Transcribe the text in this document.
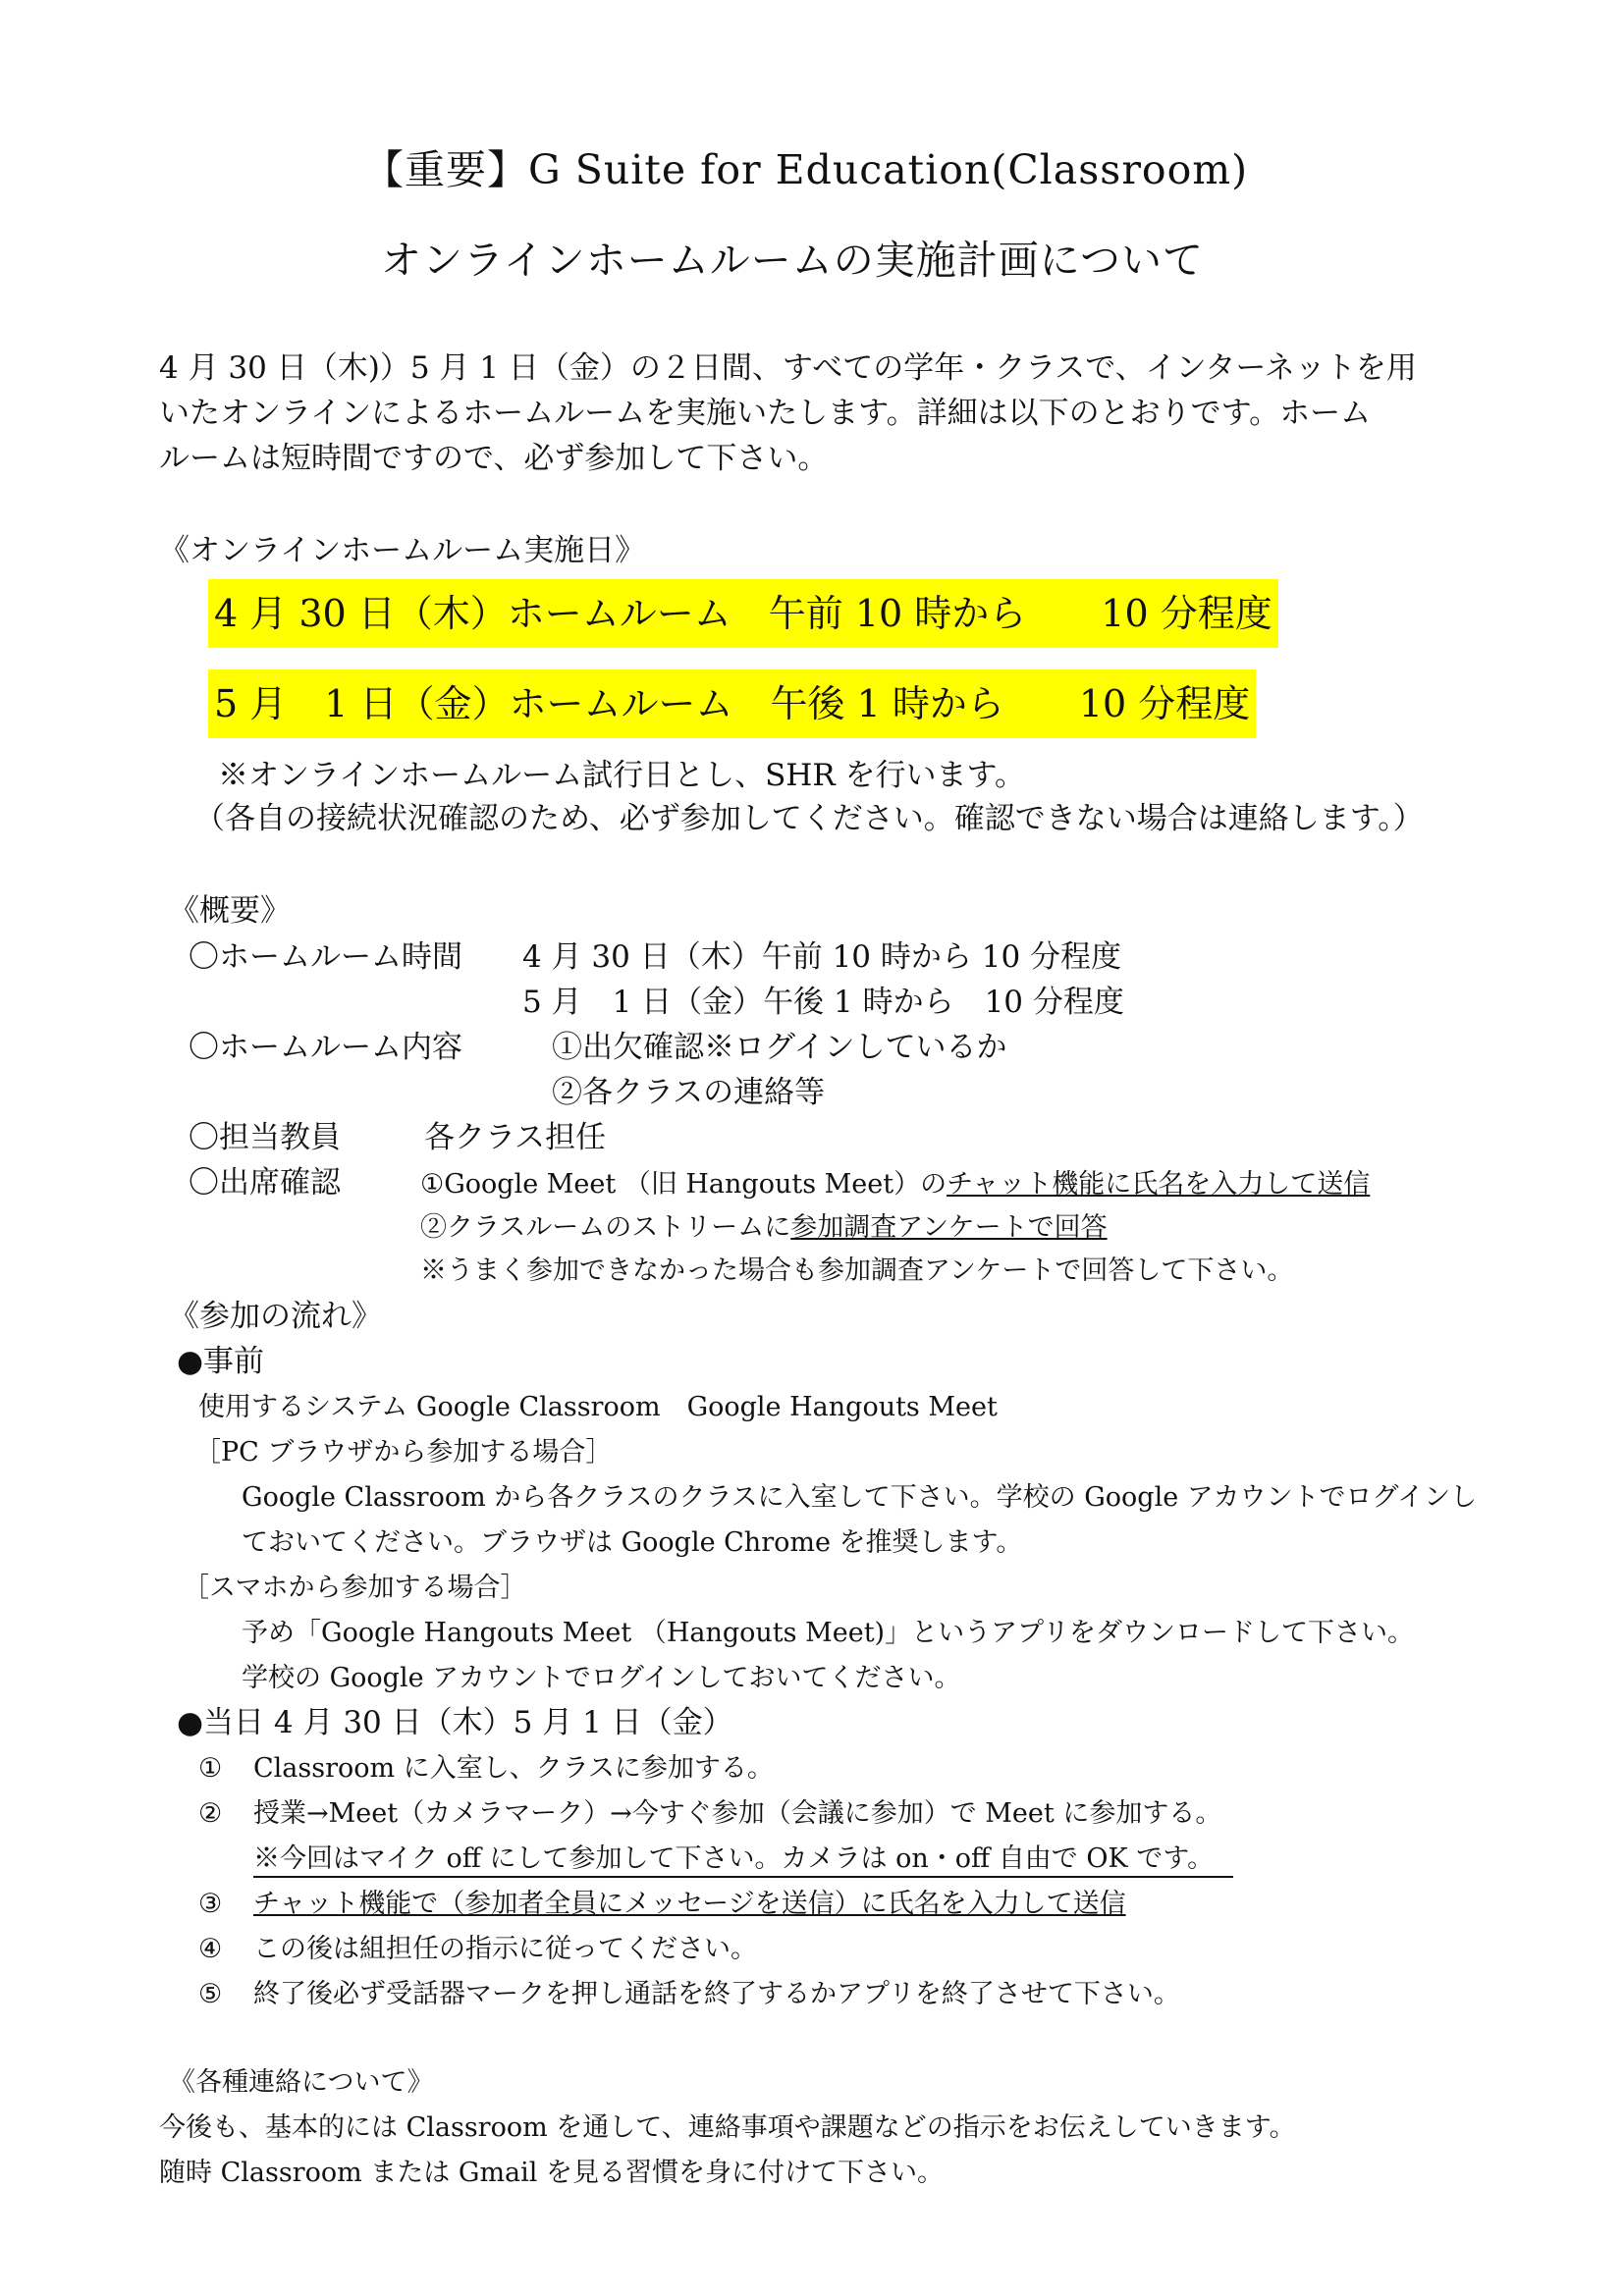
【重要】G Suite for Education(Classroom)
オンラインホームルームの実施計画について
4 月 30 日（木)）5 月 1 日（金）の２日間、すべての学年・クラスで、インターネットを用
いたオンラインによるホームルームを実施いたします。詳細は以下のとおりです。ホーム
ルームは短時間ですので、必ず参加して下さい。
《オンラインホームルーム実施日》
4 月 30 日（木）ホームルーム　午前 10 時から　　10 分程度
5 月　1 日（金）ホームルーム　午後 1 時から　　10 分程度
※オンラインホームルーム試行日とし、SHR を行います。
（各自の接続状況確認のため、必ず参加してください。確認できない場合は連絡します。）
《概要》
〇ホームルーム時間 4 月 30 日（木）午前 10 時から 10 分程度
5 月　1 日（金）午後 1 時から　10 分程度
〇ホームルーム内容	①出欠確認※ログインしているか
②各クラスの連絡等
〇担当教員	各クラス担任
〇出席確認	①Google Meet （旧 Hangouts Meet）のチャット機能に氏名を入力して送信
②クラスルームのストリームに参加調査アンケートで回答
※うまく参加できなかった場合も参加調査アンケートで回答して下さい。
《参加の流れ》
●事前
使用するシステム Google Classroom　Google Hangouts Meet
［PC ブラウザから参加する場合］
Google Classroom から各クラスのクラスに入室して下さい。学校の Google アカウントでログインし
ておいてください。ブラウザは Google Chrome を推奨します。
［スマホから参加する場合］
予め「Google Hangouts Meet （Hangouts Meet)」というアプリをダウンロードして下さい。
学校の Google アカウントでログインしておいてください。
●当日 4 月 30 日（木）5 月 1 日（金）
① Classroom に入室し、クラスに参加する。
② 授業→Meet（カメラマーク）→今すぐ参加（会議に参加）で Meet に参加する。
※今回はマイク off にして参加して下さい。カメラは on・off 自由で OK です。
③ チャット機能で（参加者全員にメッセージを送信）に氏名を入力して送信
④ この後は組担任の指示に従ってください。
⑤ 終了後必ず受話器マークを押し通話を終了するかアプリを終了させて下さい。
《各種連絡について》
今後も、基本的には Classroom を通して、連絡事項や課題などの指示をお伝えしていきます。
随時 Classroom または Gmail を見る習慣を身に付けて下さい。
